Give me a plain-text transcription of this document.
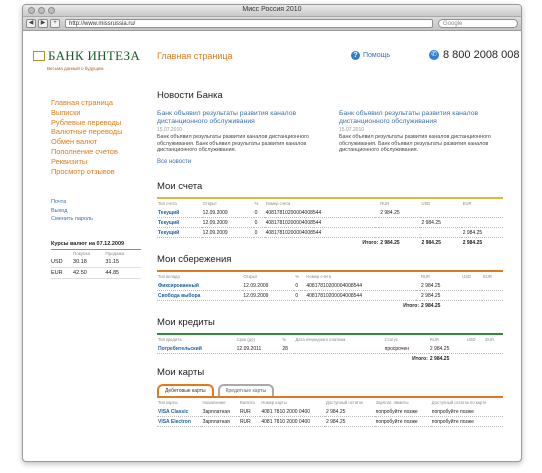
Мисс Россия 2010
◀	▶	+	http://www.missrussia.ru/	Google
БАНК ИНТЕЗА
Весьма данный о будущем
Главная страница	? Помощь	✆ 8 800 2008 008
Главная страница
Выписки
Рублевые переводы
Валютные переводы
Обмен валют
Пополнение счетов
Реквизиты
Просмотр отзывов
Почта
Выход
Сменить пароль
Курсы валют на 07.12.2009
	Покупка	Продажа
USD	30.18	31.15
EUR	42.50	44.85
Новости Банка
Банк объявил результаты развития каналов дистанционного обслуживания
15.07.2010
Банк объявил результаты развития каналов дистанционного обслуживания. Банк объявил результаты развития каналов дистанционного обслуживания.
Банк объявил результаты развития каналов дистанционного обслуживания
15.07.2010
Банк объявил результаты развития каналов дистанционного обслуживания. Банк объявил результаты развития каналов дистанционного обслуживания.
Все новости
Мои счета
Тип счета	Открыт	%	Номер счета		RUR	USD	EUR
Текущий	12.09.2009	0	40817810200004008544		2 984.25		
Текущий	12.09.2009	0	40817810200004008544			2 984.25	
Текущий	12.09.2009	0	40817810200004008544				2 984.25
Итого:					2 984.25	2 984.25	2 984.25
Мои сбережения
Тип вклада	Открыт	%	Номер счета		RUR	USD	EUR
Фиксированный	12.09.2009	0	40817810200004008544		2 984.25		
Свобода выбора	12.09.2009	0	40817810200004008544		2 984.25		
Итого:					2 984.25		
Мои кредиты
Тип кредита	Срок (до)	%	Дата очередного платежа	Статус	RUR	USD	EUR
Потребительский	12.09.2011	28		просрочен	2 984.25		
Итого:					2 984.25		
Мои карты
Дебетовые карты	Кредитные карты
Тип карты	Назначение	Валюта	Номер карты	Доступный остаток	Зарплат. лимиты	Доступный остаток по карте
VISA Classic	Зарплатная	RUR	4081 7810 2000 0400	2 984.25	попробуйте позже	попробуйте позже
VISA Electron	Зарплатная	RUR	4081 7810 2000 0400	2 984.25	попробуйте позже	попробуйте позже
